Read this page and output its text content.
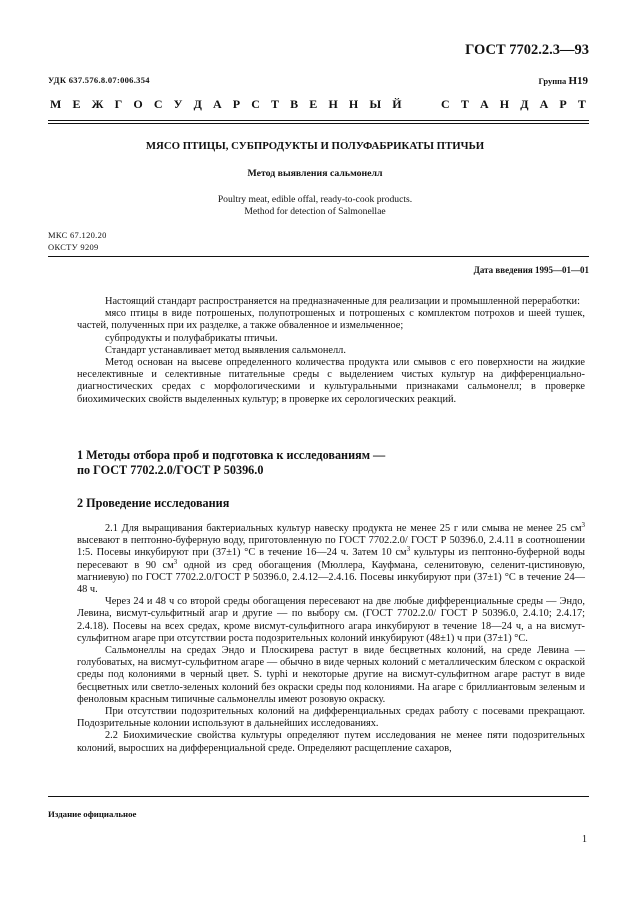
ГОСТ 7702.2.3—93
УДК 637.576.8.07:006.354	Группа Н19
М Е Ж Г О С У Д А Р С Т В Е Н Н Ы Й

	С Т А Н Д А Р Т
МЯСО ПТИЦЫ, СУБПРОДУКТЫ И ПОЛУФАБРИКАТЫ ПТИЧЬИ
Метод выявления сальмонелл
Poultry meat, edible offal, ready-to-cook products.
Method for detection of Salmonellae
МКС 67.120.20
ОКСТУ 9209
Дата введения 1995—01—01

Настоящий стандарт распространяется на предназначенные для реализации и промышленной переработки:

мясо птицы в виде потрошеных, полупотрошеных и потрошеных с комплектом потрохов и шеей тушек, частей, полученных при их разделке, а также обваленное и измельченное;

субпродукты и полуфабрикаты птичьи.

Стандарт устанавливает метод выявления сальмонелл.

Метод основан на высеве определенного количества продукта или смывов с его поверхности на жидкие неселективные и селективные питательные среды с выделением чистых культур на дифференциально-диагностических средах с морфологическими и культуральными признаками сальмонелл; в проверке биохимических свойств выделенных культур; в проверке их серологических реакций.

1 Методы отбора проб и подготовка к исследованиям —
по ГОСТ 7702.2.0/ГОСТ Р 50396.0
2 Проведение исследования

2.1 Для выращивания бактериальных культур навеску продукта не менее 25 г или смыва не менее 25 $см^3$ высевают в пептонно-буферную воду, приготовленную по ГОСТ 7702.2.0/ ГОСТ Р 50396.0, 2.4.11 в соотношении 1:5. Посевы инкубируют при (37±1) °С в течение 16—24 ч. Затем 10 $см^3$ культуры из пептонно-буферной воды пересевают в 90 $см^3$ одной из сред обогащения (Мюллера, Кауфмана, селенитовую, селенит-цистиновую, магниевую) по ГОСТ 7702.2.0/ГОСТ Р 50396.0, 2.4.12—2.4.16. Посевы инкубируют при (37±1) °С в течение 24—48 ч.

Через 24 и 48 ч со второй среды обогащения пересевают на две любые дифференциальные среды — Эндо, Левина, висмут-сульфитный агар и другие — по выбору см. (ГОСТ 7702.2.0/ ГОСТ Р 50396.0, 2.4.10; 2.4.17; 2.4.18). Посевы на всех средах, кроме висмут-сульфитного агара инкубируют в течение 18—24 ч, а на висмут-сульфитном агаре при отсутствии роста подозрительных колоний инкубируют (48±1) ч при (37±1) °С.

Сальмонеллы на средах Эндо и Плоскирева растут в виде бесцветных колоний, на среде Левина — голубоватых, на висмут-сульфитном агаре — обычно в виде черных колоний с металлическим блеском с окраской среды под колониями в черный цвет. S. typhi и некоторые другие на висмут-сульфитном агаре растут в виде бесцветных или светло-зеленых колоний без окраски среды под колониями. На агаре с бриллиантовым зеленым и феноловым красным типичные сальмонеллы имеют розовую окраску.

При отсутствии подозрительных колоний на дифференциальных средах работу с посевами прекращают. Подозрительные колонии используют в дальнейших исследованиях.

2.2 Биохимические свойства культуры определяют путем исследования не менее пяти подозрительных колоний, выросших на дифференциальной среде. Определяют расщепление сахаров,

Издание официальное
1
